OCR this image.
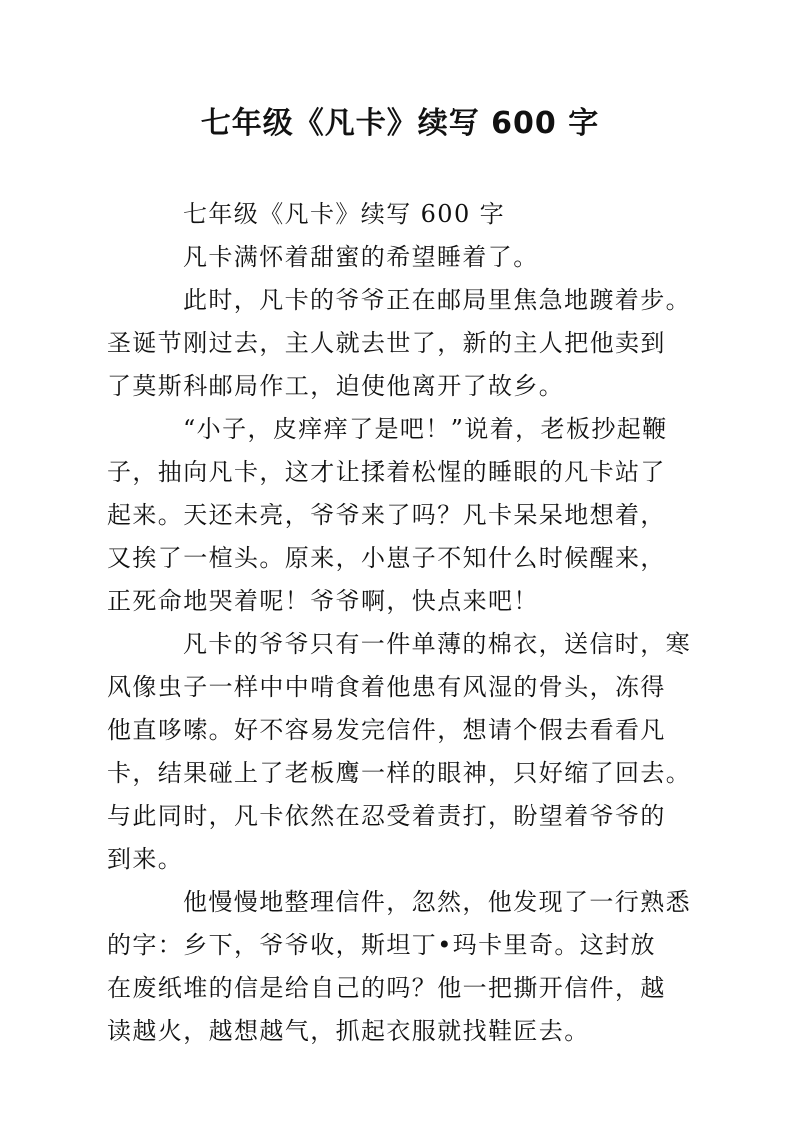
七年级《凡卡》续写 600 字
七年级《凡卡》续写 600 字
凡卡满怀着甜蜜的希望睡着了。
此时，凡卡的爷爷正在邮局里焦急地踱着步。
圣诞节刚过去，主人就去世了，新的主人把他卖到
了莫斯科邮局作工，迫使他离开了故乡。
“小子，皮痒痒了是吧！”说着，老板抄起鞭
子，抽向凡卡，这才让揉着松惺的睡眼的凡卡站了
起来。天还未亮，爷爷来了吗？凡卡呆呆地想着，
又挨了一楦头。原来，小崽子不知什么时候醒来，
正死命地哭着呢！爷爷啊，快点来吧！
凡卡的爷爷只有一件单薄的棉衣，送信时，寒
风像虫子一样中中啃食着他患有风湿的骨头，冻得
他直哆嗦。好不容易发完信件，想请个假去看看凡
卡，结果碰上了老板鹰一样的眼神，只好缩了回去。
与此同时，凡卡依然在忍受着责打，盼望着爷爷的
到来。
他慢慢地整理信件，忽然，他发现了一行熟悉
的字：乡下，爷爷收，斯坦丁•玛卡里奇。这封放
在废纸堆的信是给自己的吗？他一把撕开信件，越
读越火，越想越气，抓起衣服就找鞋匠去。
